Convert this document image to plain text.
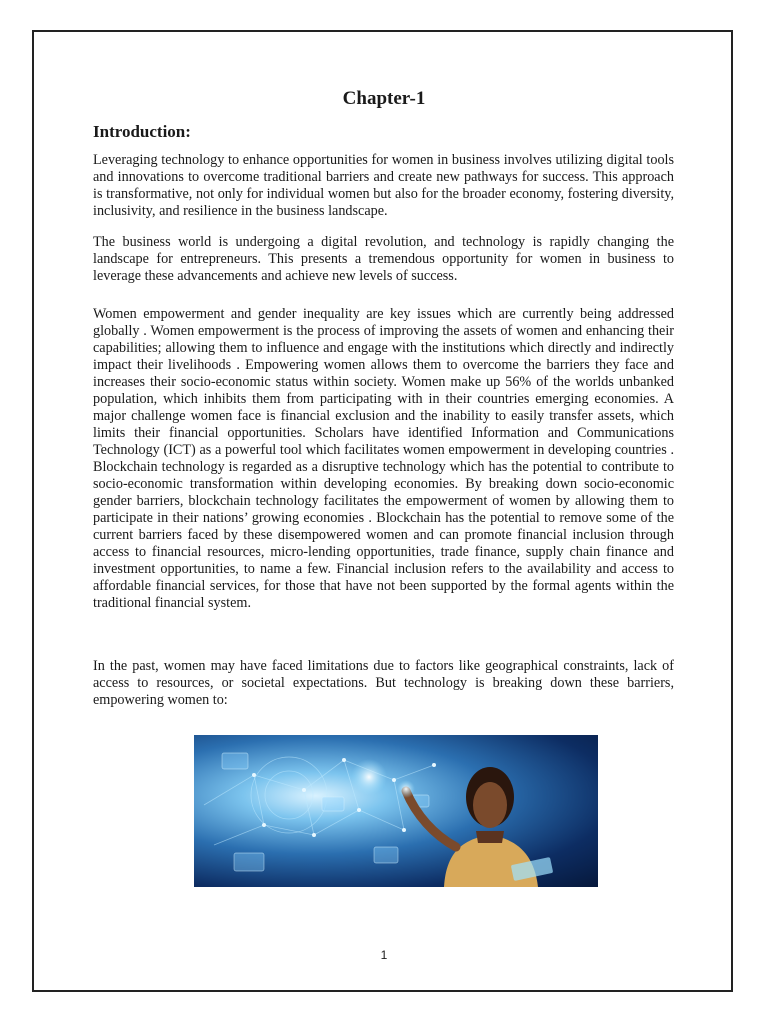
Chapter-1
Introduction:

Leveraging technology to enhance opportunities for women in business involves utilizing digital tools and innovations to overcome traditional barriers and create new pathways for success. This approach is transformative, not only for individual women but also for the broader economy, fostering diversity, inclusivity, and resilience in the business landscape.

The business world is undergoing a digital revolution, and technology is rapidly changing the landscape for entrepreneurs. This presents a tremendous opportunity for women in business to leverage these advancements and achieve new levels of success.

Women empowerment and gender inequality are key issues which are currently being addressed globally . Women empowerment is the process of improving the assets of women and enhancing their capabilities; allowing them to influence and engage with the institutions which directly and indirectly impact their livelihoods . Empowering women allows them to overcome the barriers they face and increases their socio-economic status within society. Women make up 56% of the worlds unbanked population, which inhibits them from participating with in their countries emerging economies. A major challenge women face is financial exclusion and the inability to easily transfer assets, which limits their financial opportunities. Scholars have identified Information and Communications Technology (ICT) as a powerful tool which facilitates women empowerment in developing countries . Blockchain technology is regarded as a disruptive technology which has the potential to contribute to socio-economic transformation within developing economies. By breaking down socio-economic gender barriers, blockchain technology facilitates the empowerment of women by allowing them to participate in their nations’ growing economies . Blockchain has the potential to remove some of the current barriers faced by these disempowered women and can promote financial inclusion through access to financial resources, micro-lending opportunities, trade finance, supply chain finance and investment opportunities, to name a few. Financial inclusion refers to the availability and access to affordable financial services, for those that have not been supported by the formal agents within the traditional financial system.

In the past, women may have faced limitations due to factors like geographical constraints, lack of access to resources, or societal expectations. But technology is breaking down these barriers, empowering women to:

1
